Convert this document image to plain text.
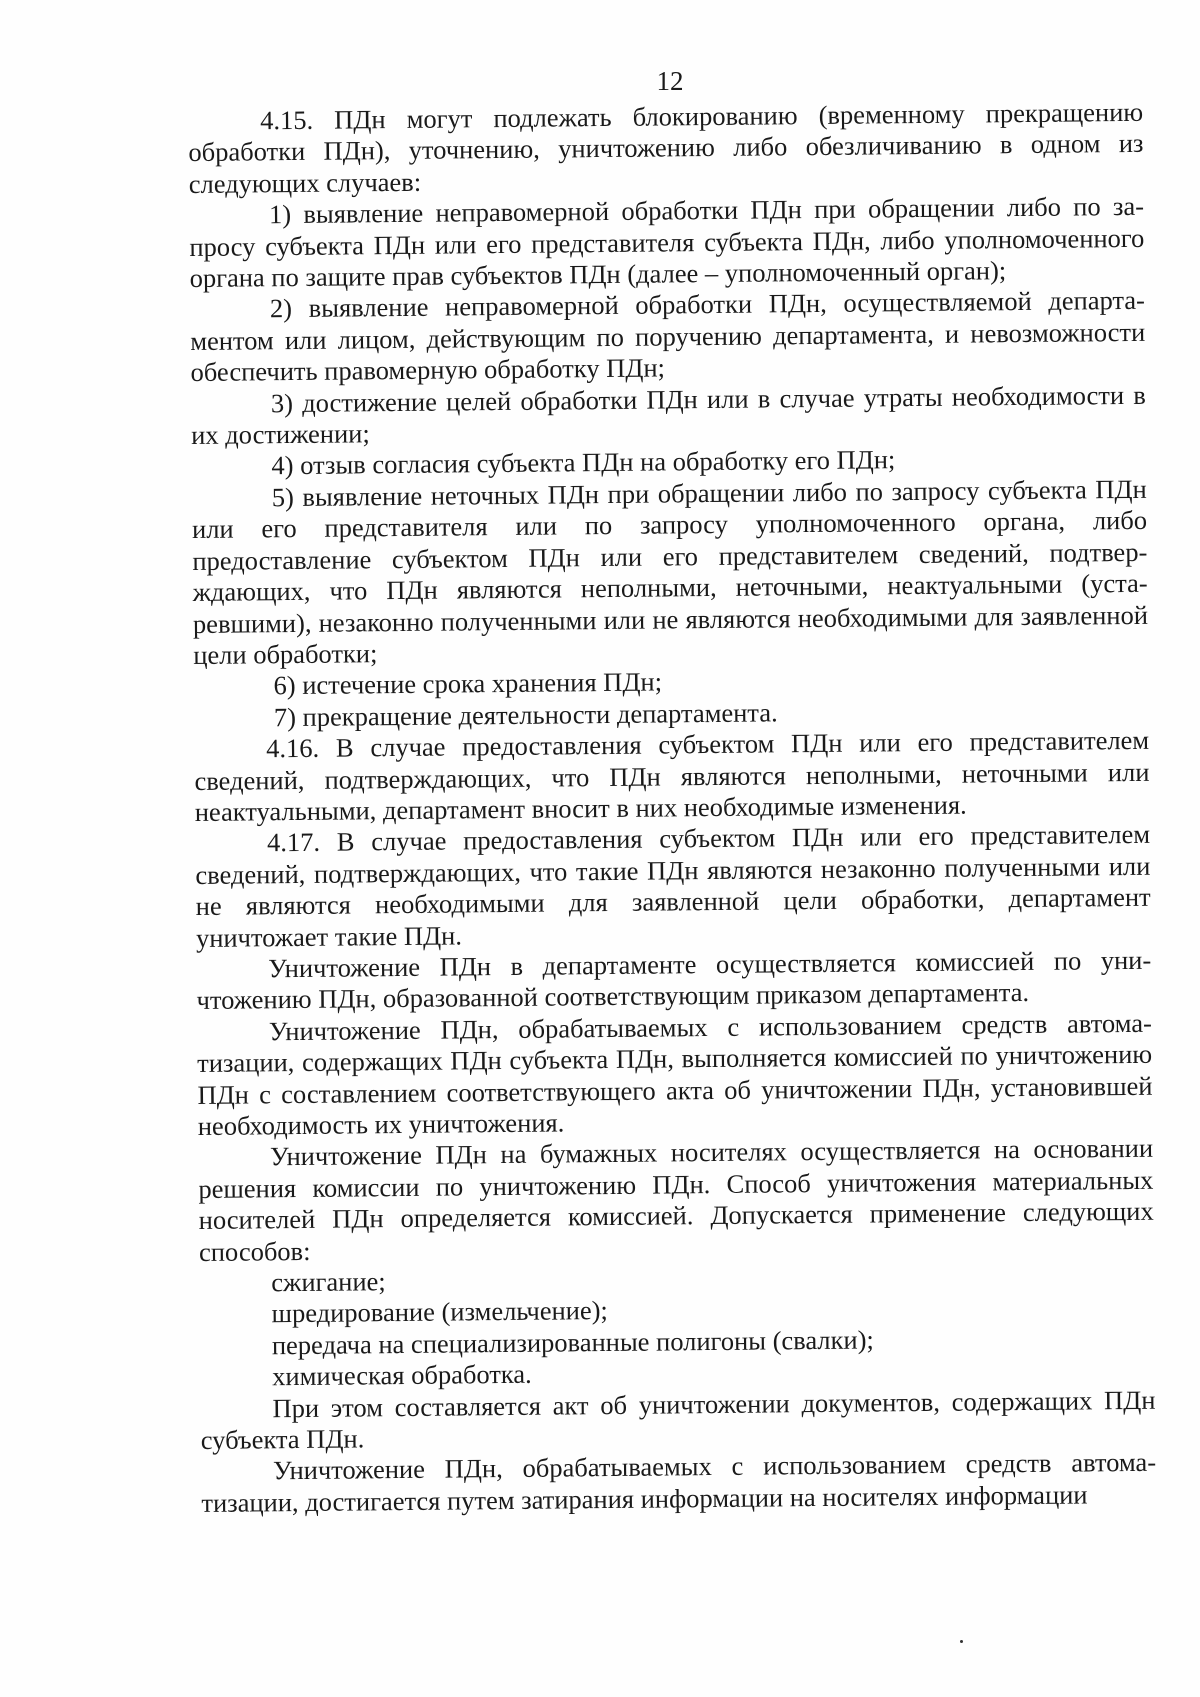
12

4.15. ПДн могут подлежать блокированию (временному прекращению обработки ПДн), уточнению, уничтожению либо обезличиванию в одном из следующих случаев:

1) выявление неправомерной обработки ПДн при обращении либо по запросу субъекта ПДн или его представителя субъекта ПДн, либо уполномоченного органа по защите прав субъектов ПДн (далее – уполномоченный орган);

2) выявление неправомерной обработки ПДн, осуществляемой департаментом или лицом, действующим по поручению департамента, и невозможности обеспечить правомерную обработку ПДн;

3) достижение целей обработки ПДн или в случае утраты необходимости в их достижении;

4) отзыв согласия субъекта ПДн на обработку его ПДн;

5) выявление неточных ПДн при обращении либо по запросу субъекта ПДн или его представителя или по запросу уполномоченного органа, либо предоставление субъектом ПДн или его представителем сведений, подтверждающих, что ПДн являются неполными, неточными, неактуальными (устаревшими), незаконно полученными или не являются необходимыми для заявленной цели обработки;

6) истечение срока хранения ПДн;

7) прекращение деятельности департамента.

4.16. В случае предоставления субъектом ПДн или его представителем сведений, подтверждающих, что ПДн являются неполными, неточными или неактуальными, департамент вносит в них необходимые изменения.

4.17. В случае предоставления субъектом ПДн или его представителем сведений, подтверждающих, что такие ПДн являются незаконно полученными или не являются необходимыми для заявленной цели обработки, департамент уничтожает такие ПДн.

Уничтожение ПДн в департаменте осуществляется комиссией по уничтожению ПДн, образованной соответствующим приказом департамента.

Уничтожение ПДн, обрабатываемых с использованием средств автоматизации, содержащих ПДн субъекта ПДн, выполняется комиссией по уничтожению ПДн с составлением соответствующего акта об уничтожении ПДн, установившей необходимость их уничтожения.

Уничтожение ПДн на бумажных носителях осуществляется на основании решения комиссии по уничтожению ПДн. Способ уничтожения материальных носителей ПДн определяется комиссией. Допускается применение следующих способов:

сжигание;

шредирование (измельчение);

передача на специализированные полигоны (свалки);

химическая обработка.

При этом составляется акт об уничтожении документов, содержащих ПДн субъекта ПДн.

Уничтожение ПДн, обрабатываемых с использованием средств автоматизации, достигается путем затирания информации на носителях информации
